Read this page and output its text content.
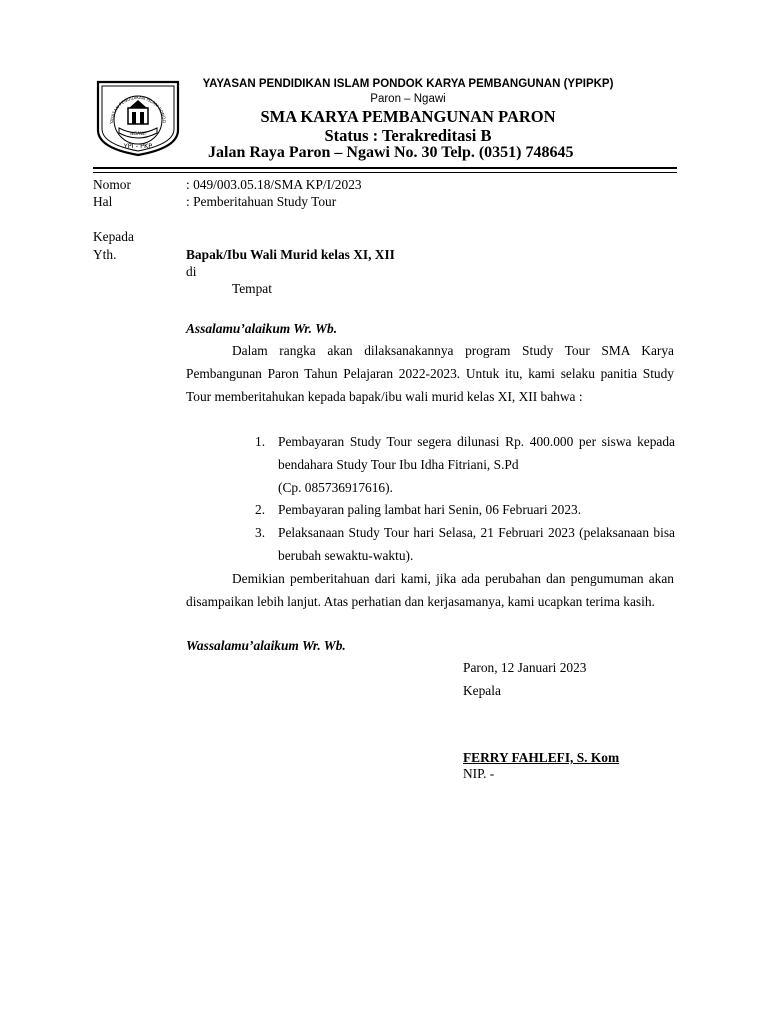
YAYASAN PENDIDIKAN ISLAM PONDO
NGAWI
YPI - PKP
YAYASAN PENDIDIKAN ISLAM PONDOK KARYA PEMBANGUNAN (YPIPKP)
Paron – Ngawi
SMA KARYA PEMBANGUNAN PARON
Status : Terakreditasi B
Jalan Raya Paron – Ngawi No. 30 Telp. (0351) 748645
Nomor	: 049/003.05.18/SMA KP/I/2023
Hal	: Pemberitahuan Study Tour
Kepada
Yth.	Bapak/Ibu Wali Murid kelas XI, XII
di
Tempat
Assalamu’alaikum Wr. Wb.
Dalam rangka akan dilaksanakannya program Study Tour SMA Karya Pembangunan Paron Tahun Pelajaran 2022-2023. Untuk itu, kami selaku panitia Study Tour memberitahukan kepada bapak/ibu wali murid kelas XI, XII bahwa :
1. Pembayaran Study Tour segera dilunasi Rp. 400.000 per siswa kepada bendahara Study Tour Ibu Idha Fitriani, S.Pd
(Cp. 085736917616).
2. Pembayaran paling lambat hari Senin, 06 Februari 2023.
3. Pelaksanaan Study Tour hari Selasa, 21 Februari 2023 (pelaksanaan bisa berubah sewaktu-waktu).
Demikian pemberitahuan dari kami, jika ada perubahan dan pengumuman akan disampaikan lebih lanjut. Atas perhatian dan kerjasamanya, kami ucapkan terima kasih.
Wassalamu’alaikum Wr. Wb.
Paron, 12 Januari 2023
Kepala
FERRY FAHLEFI, S. Kom
NIP. -
